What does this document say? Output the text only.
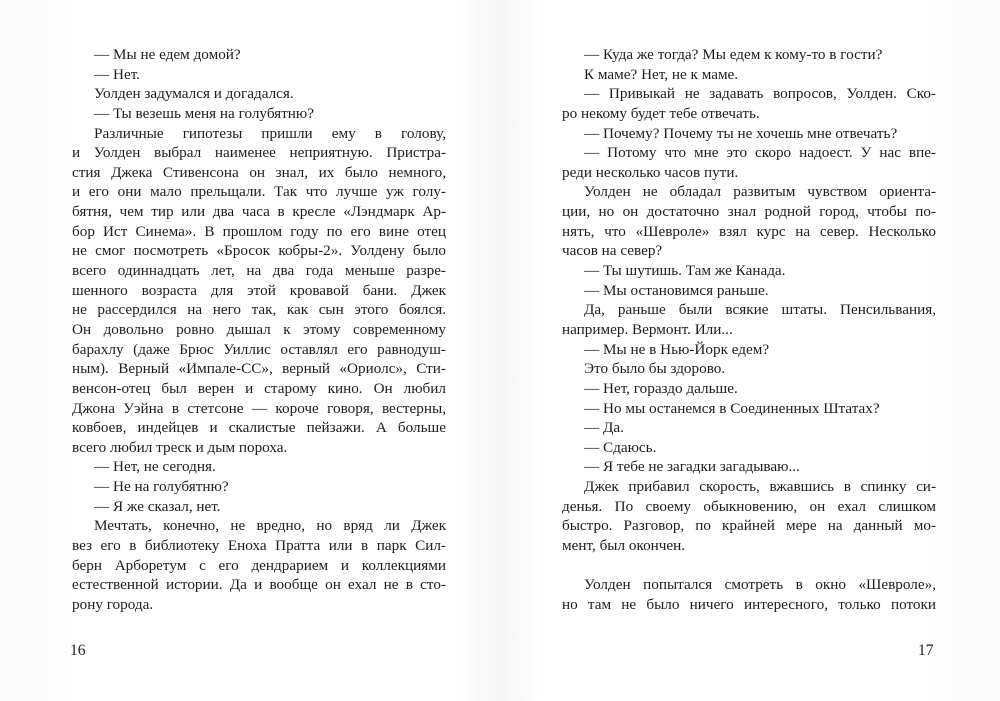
— Мы не едем домой?
— Нет.
Уолден задумался и догадался.
— Ты везешь меня на голубятню?
Различные гипотезы пришли ему в голову,
и Уолден выбрал наименее неприятную. Пристра-
стия Джека Стивенсона он знал, их было немного,
и его они мало прельщали. Так что лучше уж голу-
бятня, чем тир или два часа в кресле «Лэндмарк Ар-
бор Ист Синема». В прошлом году по его вине отец
не смог посмотреть «Бросок кобры-2». Уолдену было
всего одиннадцать лет, на два года меньше разре-
шенного возраста для этой кровавой бани. Джек
не рассердился на него так, как сын этого боялся.
Он довольно ровно дышал к этому современному
барахлу (даже Брюс Уиллис оставлял его равнодуш-
ным). Верный «Импале-СС», верный «Ориолс», Сти-
венсон-отец был верен и старому кино. Он любил
Джона Уэйна в стетсоне — короче говоря, вестерны,
ковбоев, индейцев и скалистые пейзажи. А больше
всего любил треск и дым пороха.
— Нет, не сегодня.
— Не на голубятню?
— Я же сказал, нет.
Мечтать, конечно, не вредно, но вряд ли Джек
вез его в библиотеку Еноха Пратта или в парк Сил-
берн Арборетум с его дендрарием и коллекциями
естественной истории. Да и вообще он ехал не в сто-
рону города.
— Куда же тогда? Мы едем к кому-то в гости?
К маме? Нет, не к маме.
— Привыкай не задавать вопросов, Уолден. Ско-
ро некому будет тебе отвечать.
— Почему? Почему ты не хочешь мне отвечать?
— Потому что мне это скоро надоест. У нас впе-
реди несколько часов пути.
Уолден не обладал развитым чувством ориента-
ции, но он достаточно знал родной город, чтобы по-
нять, что «Шевроле» взял курс на север. Несколько
часов на север?
— Ты шутишь. Там же Канада.
— Мы остановимся раньше.
Да, раньше были всякие штаты. Пенсильвания,
например. Вермонт. Или...
— Мы не в Нью-Йорк едем?
Это было бы здорово.
— Нет, гораздо дальше.
— Но мы останемся в Соединенных Штатах?
— Да.
— Сдаюсь.
— Я тебе не загадки загадываю...
Джек прибавил скорость, вжавшись в спинку си-
денья. По своему обыкновению, он ехал слишком
быстро. Разговор, по крайней мере на данный мо-
мент, был окончен.
Уолден попытался смотреть в окно «Шевроле»,
но там не было ничего интересного, только потоки
16	17
